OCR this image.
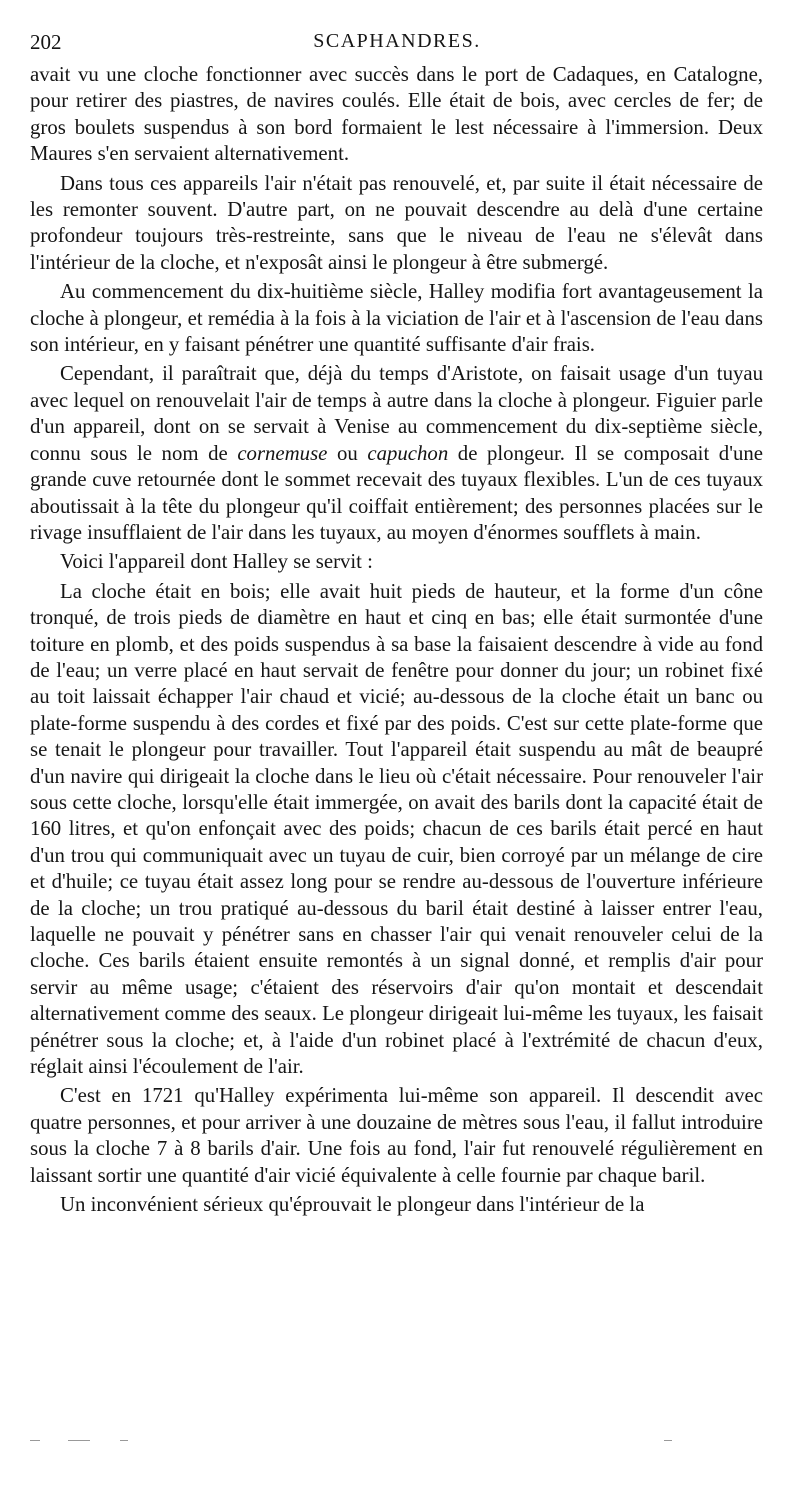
202	SCAPHANDRES.

avait vu une cloche fonctionner avec succès dans le port de Cadaques, en Catalogne, pour retirer des piastres, de navires coulés. Elle était de bois, avec cercles de fer; de gros boulets suspendus à son bord formaient le lest nécessaire à l'immersion. Deux Maures s'en servaient alternativement.

Dans tous ces appareils l'air n'était pas renouvelé, et, par suite il était nécessaire de les remonter souvent. D'autre part, on ne pouvait descendre au delà d'une certaine profondeur toujours très-restreinte, sans que le niveau de l'eau ne s'élevât dans l'intérieur de la cloche, et n'exposât ainsi le plongeur à être submergé.

Au commencement du dix-huitième siècle, Halley modifia fort avantageusement la cloche à plongeur, et remédia à la fois à la viciation de l'air et à l'ascension de l'eau dans son intérieur, en y faisant pénétrer une quantité suffisante d'air frais.

Cependant, il paraîtrait que, déjà du temps d'Aristote, on faisait usage d'un tuyau avec lequel on renouvelait l'air de temps à autre dans la cloche à plongeur. Figuier parle d'un appareil, dont on se servait à Venise au commencement du dix-septième siècle, connu sous le nom de cornemuse ou capuchon de plongeur. Il se composait d'une grande cuve retournée dont le sommet recevait des tuyaux flexibles. L'un de ces tuyaux aboutissait à la tête du plongeur qu'il coiffait entièrement; des personnes placées sur le rivage insufflaient de l'air dans les tuyaux, au moyen d'énormes soufflets à main.

Voici l'appareil dont Halley se servit :

La cloche était en bois; elle avait huit pieds de hauteur, et la forme d'un cône tronqué, de trois pieds de diamètre en haut et cinq en bas; elle était surmontée d'une toiture en plomb, et des poids suspendus à sa base la faisaient descendre à vide au fond de l'eau; un verre placé en haut servait de fenêtre pour donner du jour; un robinet fixé au toit laissait échapper l'air chaud et vicié; au-dessous de la cloche était un banc ou plate-forme suspendu à des cordes et fixé par des poids. C'est sur cette plate-forme que se tenait le plongeur pour travailler. Tout l'appareil était suspendu au mât de beaupré d'un navire qui dirigeait la cloche dans le lieu où c'était nécessaire. Pour renouveler l'air sous cette cloche, lorsqu'elle était immergée, on avait des barils dont la capacité était de 160 litres, et qu'on enfonçait avec des poids; chacun de ces barils était percé en haut d'un trou qui communiquait avec un tuyau de cuir, bien corroyé par un mélange de cire et d'huile; ce tuyau était assez long pour se rendre au-dessous de l'ouverture inférieure de la cloche; un trou pratiqué au-dessous du baril était destiné à laisser entrer l'eau, laquelle ne pouvait y pénétrer sans en chasser l'air qui venait renouveler celui de la cloche. Ces barils étaient ensuite remontés à un signal donné, et remplis d'air pour servir au même usage; c'étaient des réservoirs d'air qu'on montait et descendait alternativement comme des seaux. Le plongeur dirigeait lui-même les tuyaux, les faisait pénétrer sous la cloche; et, à l'aide d'un robinet placé à l'extrémité de chacun d'eux, réglait ainsi l'écoulement de l'air.

C'est en 1721 qu'Halley expérimenta lui-même son appareil. Il descendit avec quatre personnes, et pour arriver à une douzaine de mètres sous l'eau, il fallut introduire sous la cloche 7 à 8 barils d'air. Une fois au fond, l'air fut renouvelé régulièrement en laissant sortir une quantité d'air vicié équivalente à celle fournie par chaque baril.

Un inconvénient sérieux qu'éprouvait le plongeur dans l'intérieur de la
